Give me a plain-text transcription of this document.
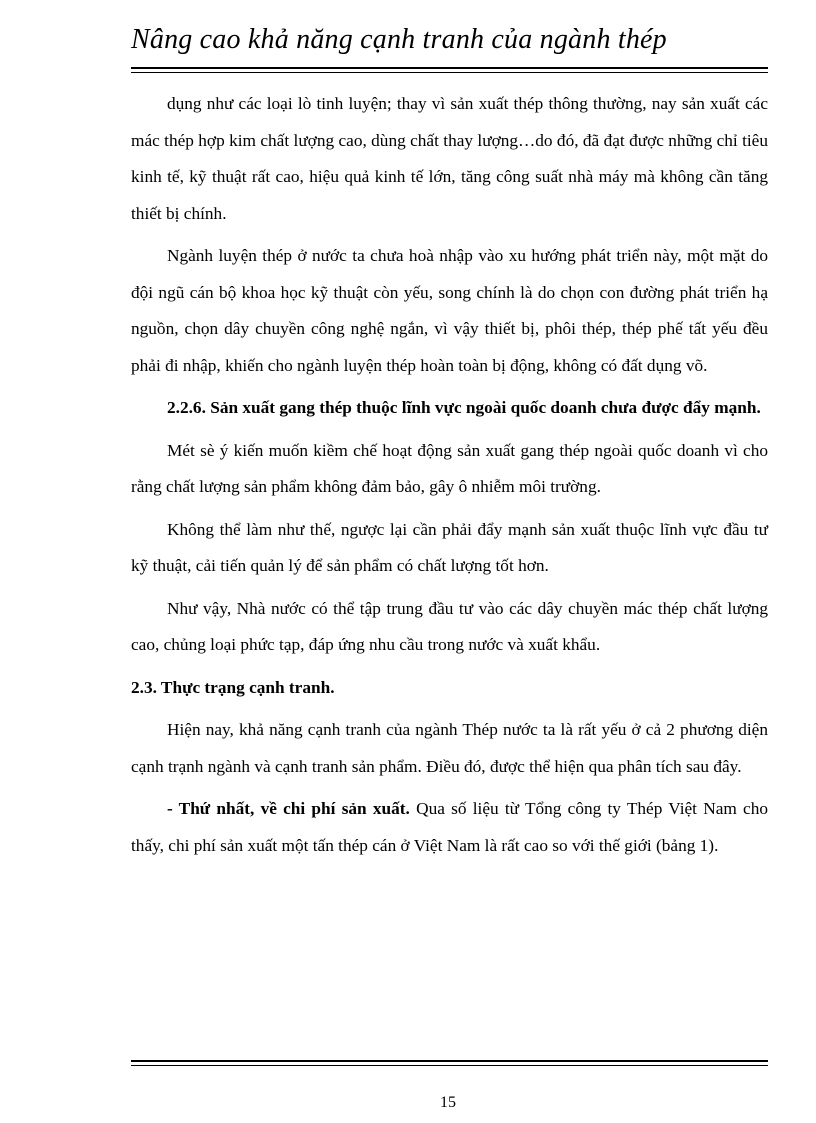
Nâng cao khả năng cạnh tranh của ngành thép

dụng như các loại lò tinh luyện; thay vì sản xuất thép thông thường, nay sản xuất các mác thép hợp kim chất lượng cao, dùng chất thay lượng…do đó, đã đạt được những chỉ tiêu kinh tế, kỹ thuật rất cao, hiệu quả kinh tế lớn, tăng công suất nhà máy mà không cần tăng thiết bị chính.

Ngành luyện thép ở nước ta chưa hoà nhập vào xu hướng phát triển này, một mặt do đội ngũ cán bộ khoa học kỹ thuật còn yếu, song chính là do chọn con đường phát triển hạ nguồn, chọn dây chuyền công nghệ ngắn, vì vậy thiết bị, phôi thép, thép phế tất yếu đều phải đi nhập, khiến cho ngành luyện thép hoàn toàn bị động, không có đất dụng võ.

2.2.6. Sản xuất gang thép thuộc lĩnh vực ngoài quốc doanh chưa được đẩy mạnh.

Mét sè ý kiến muốn kiềm chế hoạt động sản xuất gang thép ngoài quốc doanh vì cho rằng chất lượng sản phẩm không đảm bảo, gây ô nhiễm môi trường.

Không thể làm như thế, ngược lại cần phải đẩy mạnh sản xuất thuộc lĩnh vực đầu tư kỹ thuật, cải tiến quản lý để sản phẩm có chất lượng tốt hơn.

Như vậy, Nhà nước có thể tập trung đầu tư vào các dây chuyền mác thép chất lượng cao, chủng loại phức tạp, đáp ứng nhu cầu trong nước và xuất khẩu.

2.3. Thực trạng cạnh tranh.

Hiện nay, khả năng cạnh tranh của ngành Thép nước ta là rất yếu ở cả 2 phương diện cạnh trạnh ngành và cạnh tranh sản phẩm. Điều đó, được thể hiện qua phân tích sau đây.

- Thứ nhất, về chi phí sản xuất. Qua số liệu từ Tổng công ty Thép Việt Nam cho thấy, chi phí sản xuất một tấn thép cán ở Việt Nam là rất cao so với thế giới (bảng 1).

15
